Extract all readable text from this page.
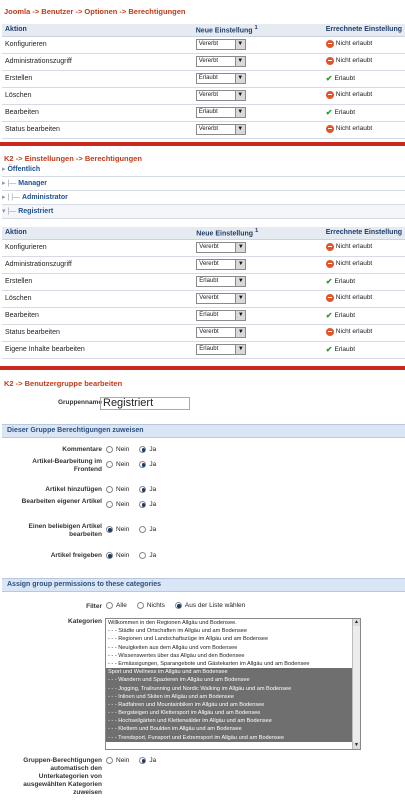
Joomla -> Benutzer -> Optionen -> Berechtigungen
Aktion	Neue Einstellung $^1$	Errechnete Einstellung
Konfigurieren	Vererbt ▼	Nicht erlaubt

Administrationszugriff	Vererbt ▼	Nicht erlaubt

Erstellen	Erlaubt ▼	✔ Erlaubt

Löschen	Vererbt ▼	Nicht erlaubt

Bearbeiten	Erlaubt ▼	✔ Erlaubt

Status bearbeiten	Vererbt ▼	Nicht erlaubt
K2 -> Einstellungen -> Berechtigungen
▸ Öffentlich
▸ |— Manager
▸ | |— Administrator
▾ |— Registriert
Aktion	Neue Einstellung $^1$	Errechnete Einstellung
Konfigurieren	Vererbt ▼	Nicht erlaubt

Administrationszugriff	Vererbt ▼	Nicht erlaubt

Erstellen	Erlaubt ▼	✔ Erlaubt

Löschen	Vererbt ▼	Nicht erlaubt

Bearbeiten	Erlaubt ▼	✔ Erlaubt

Status bearbeiten	Vererbt ▼	Nicht erlaubt

Eigene Inhalte bearbeiten	Erlaubt ▼	✔ Erlaubt
K2 -> Benutzergruppe bearbeiten
Gruppenname Registriert
Dieser Gruppe Berechtigungen zuweisen
Kommentare Nein	Ja
Artikel-Bearbeitung im Frontend
Nein	Ja
Artikel hinzufügen Nein	Ja
Bearbeiten eigener Artikel Nein	Ja
Einen beliebigen Artikel bearbeiten
Nein	Ja
Artikel freigeben Nein	Ja
Assign group permissions to these categories
Filter Alle	Nichts	Aus der Liste wählen
Kategorien	Willkommen in den Regionen Allgäu und Bodensee.
- - - Städte und Ortschaften im Allgäu und am Bodensee
- - - Regionen und Landschaftszüge im Allgäu und am Bodensee
- - - Neuigkeiten aus dem Allgäu und vom Bodensee
- - - Wissenswertes über das Allgäu und den Bodensee
- - - Ermässigungen, Sparangebote und Gästekarten im Allgäu und am Bodensee
Sport und Wellness im Allgäu und am Bodensee
- - - Wandern und Spazieren im Allgäu und am Bodensee
- - - Jogging, Trailrunning und Nordic Walking im Allgäu und am Bodensee
- - - Inlinen und Skiten im Allgäu und am Bodensee
- - - Radfahren und Mountainbiken im Allgäu und am Bodensee
- - - Bergsteigen und Klettersport im Allgäu und am Bodensee
- - - Hochseilgärten und Kletterwälder im Allgäu und am Bodensee
- - - Klettern und Boulden im Allgäu und am Bodensee
- - - Trendsport, Funsport und Extremsport im Allgäu und am Bodensee
▲
▼
Gruppen-Berechtigungen automatisch den Unterkategorien von ausgewählten Kategorien zuweisen
Nein	Ja
